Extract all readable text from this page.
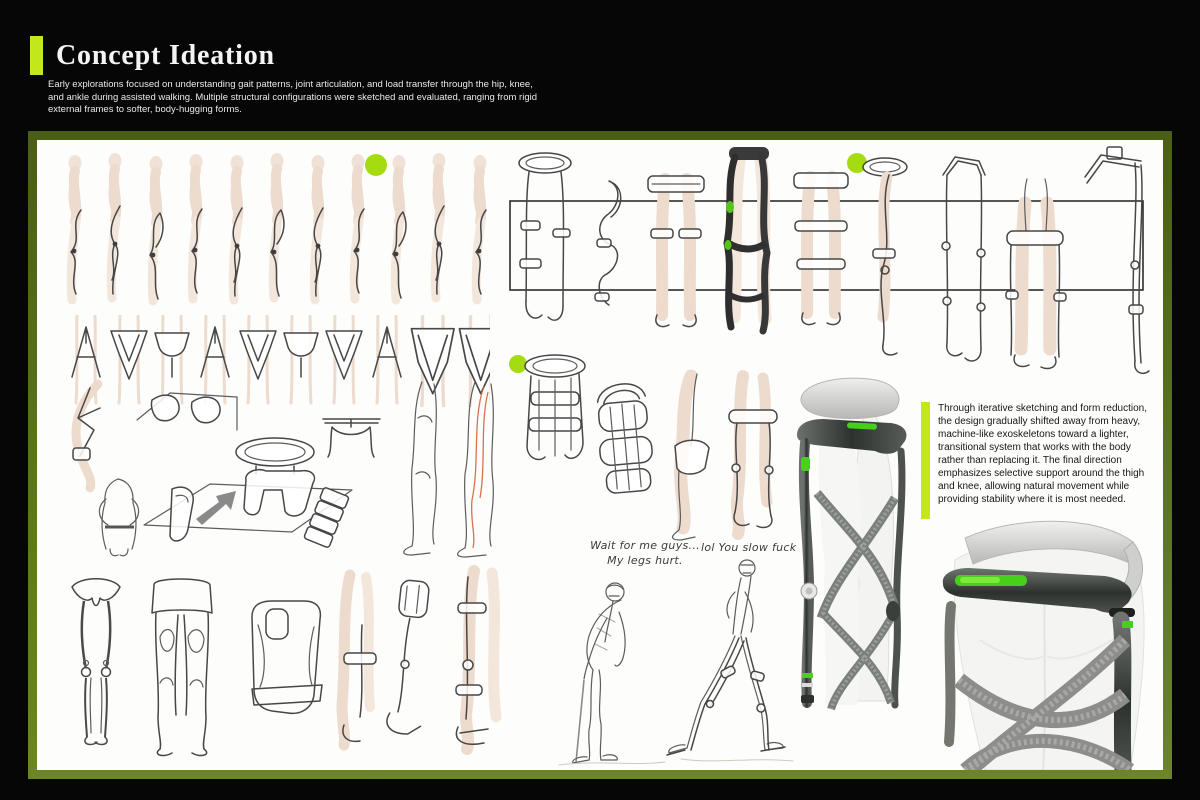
Concept Ideation

Early explorations focused on understanding gait patterns, joint articulation, and load transfer through the hip, knee, and ankle during assisted walking. Multiple structural configurations were sketched and evaluated, ranging from rigid external frames to softer, body-hugging forms.

Through iterative sketching and form reduction, the design gradually shifted away from heavy, machine-like exoskeletons toward a lighter, transitional system that works with the body rather than replacing it. The final direction emphasizes selective support around the thigh and knee, allowing natural movement while providing stability where it is most needed.

Wait for me guys...
My legs hurt.
lol You slow fuck
